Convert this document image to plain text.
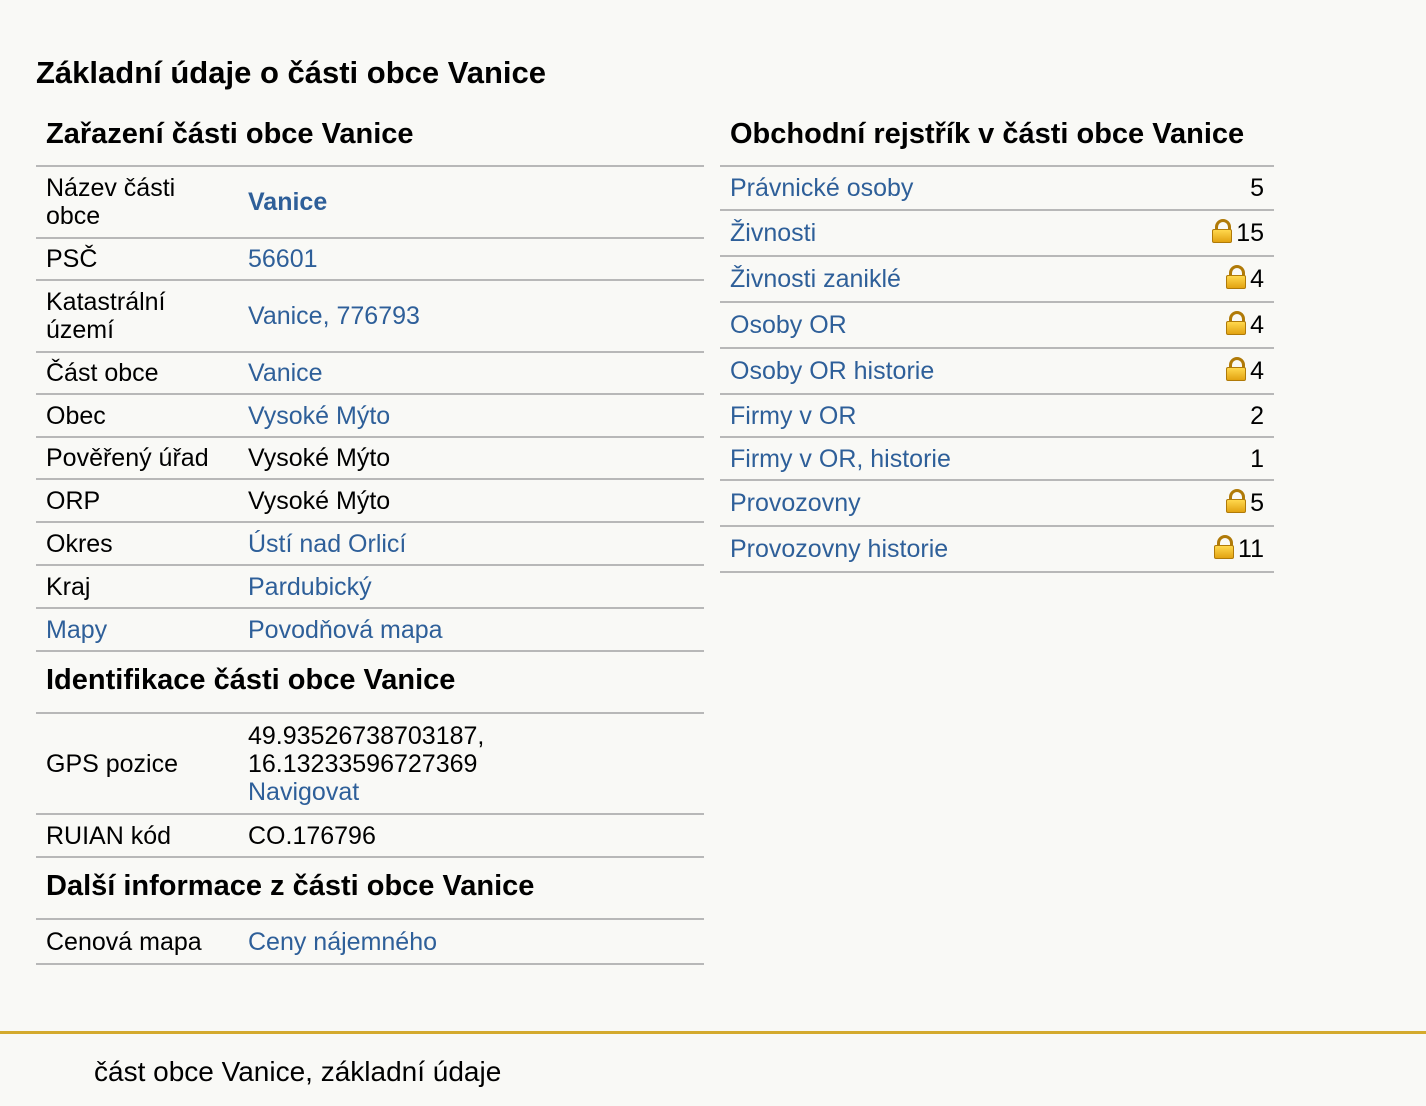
Základní údaje o části obce Vanice
Zařazení části obce Vanice
Název části obce	Vanice
PSČ	56601
Katastrální území	Vanice, 776793
Část obce	Vanice
Obec	Vysoké Mýto
Pověřený úřad	Vysoké Mýto
ORP	Vysoké Mýto
Okres	Ústí nad Orlicí
Kraj	Pardubický
Mapy	Povodňová mapa
Identifikace části obce Vanice
GPS pozice	49.93526738703187, 16.13233596727369
Navigovat
RUIAN kód	CO.176796
Další informace z části obce Vanice
Cenová mapa	Ceny nájemného
Obchodní rejstřík v části obce Vanice
Právnické osoby	5
Živnosti	15
Živnosti zaniklé	4
Osoby OR	4
Osoby OR historie	4
Firmy v OR	2
Firmy v OR, historie	1
Provozovny	5
Provozovny historie	11
část obce Vanice, základní údaje
